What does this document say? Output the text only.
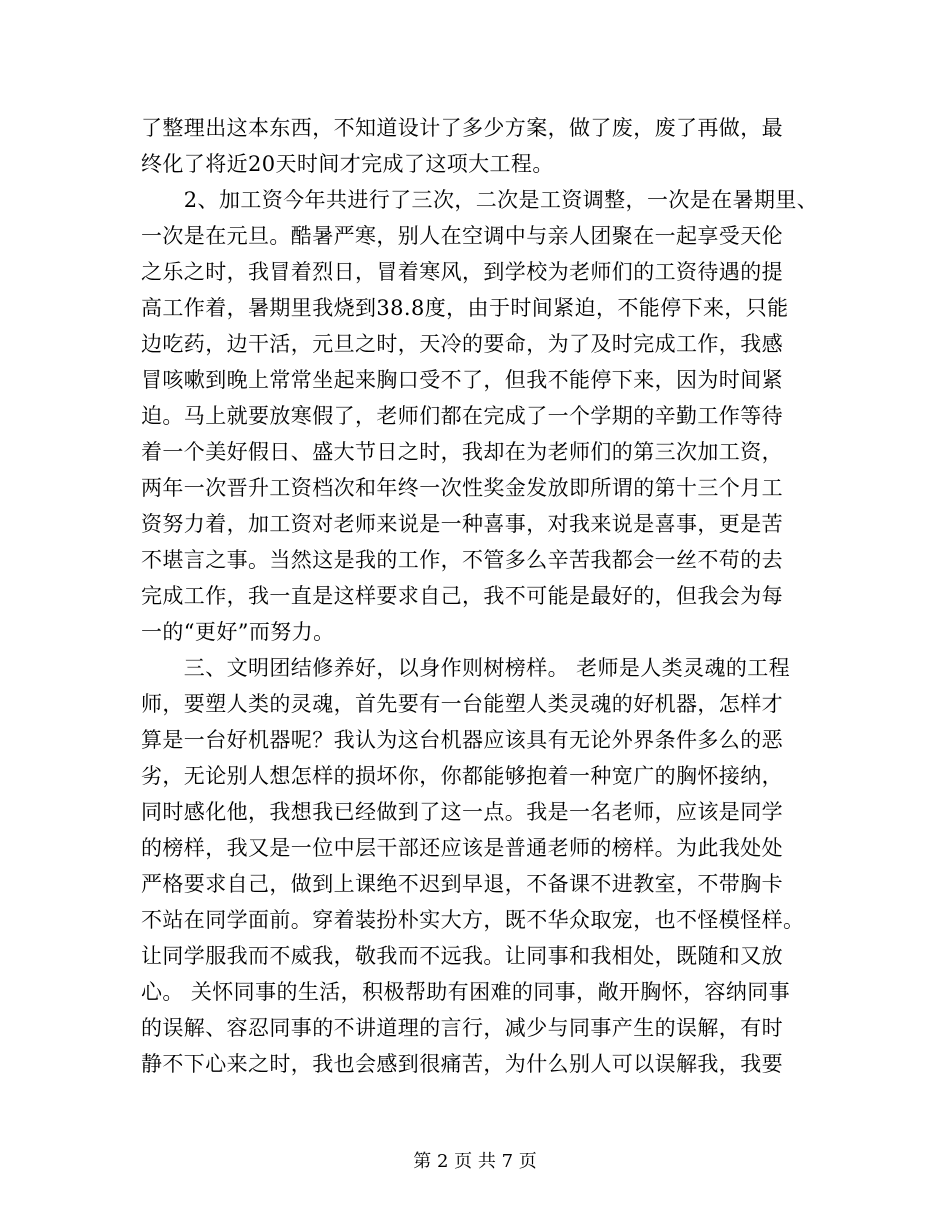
了整理出这本东西，不知道设计了多少方案，做了废，废了再做，最
终化了将近20天时间才完成了这项大工程。
　　2、加工资今年共进行了三次，二次是工资调整，一次是在暑期里、
一次是在元旦。酷暑严寒，别人在空调中与亲人团聚在一起享受天伦
之乐之时，我冒着烈日，冒着寒风，到学校为老师们的工资待遇的提
高工作着，暑期里我烧到38.8度，由于时间紧迫，不能停下来，只能
边吃药，边干活，元旦之时，天冷的要命，为了及时完成工作，我感
冒咳嗽到晚上常常坐起来胸口受不了，但我不能停下来，因为时间紧
迫。马上就要放寒假了，老师们都在完成了一个学期的辛勤工作等待
着一个美好假日、盛大节日之时，我却在为老师们的第三次加工资，
两年一次晋升工资档次和年终一次性奖金发放即所谓的第十三个月工
资努力着，加工资对老师来说是一种喜事，对我来说是喜事，更是苦
不堪言之事。当然这是我的工作，不管多么辛苦我都会一丝不苟的去
完成工作，我一直是这样要求自己，我不可能是最好的，但我会为每
一的“更好”而努力。
　　三、文明团结修养好，以身作则树榜样。 老师是人类灵魂的工程
师，要塑人类的灵魂，首先要有一台能塑人类灵魂的好机器，怎样才
算是一台好机器呢？我认为这台机器应该具有无论外界条件多么的恶
劣，无论别人想怎样的损坏你，你都能够抱着一种宽广的胸怀接纳，
同时感化他，我想我已经做到了这一点。我是一名老师，应该是同学
的榜样，我又是一位中层干部还应该是普通老师的榜样。为此我处处
严格要求自己，做到上课绝不迟到早退，不备课不进教室，不带胸卡
不站在同学面前。穿着装扮朴实大方，既不华众取宠，也不怪模怪样。
让同学服我而不威我，敬我而不远我。让同事和我相处，既随和又放
心。 关怀同事的生活，积极帮助有困难的同事，敞开胸怀，容纳同事
的误解、容忍同事的不讲道理的言行，减少与同事产生的误解，有时
静不下心来之时，我也会感到很痛苦，为什么别人可以误解我，我要
第 2 页 共 7 页
